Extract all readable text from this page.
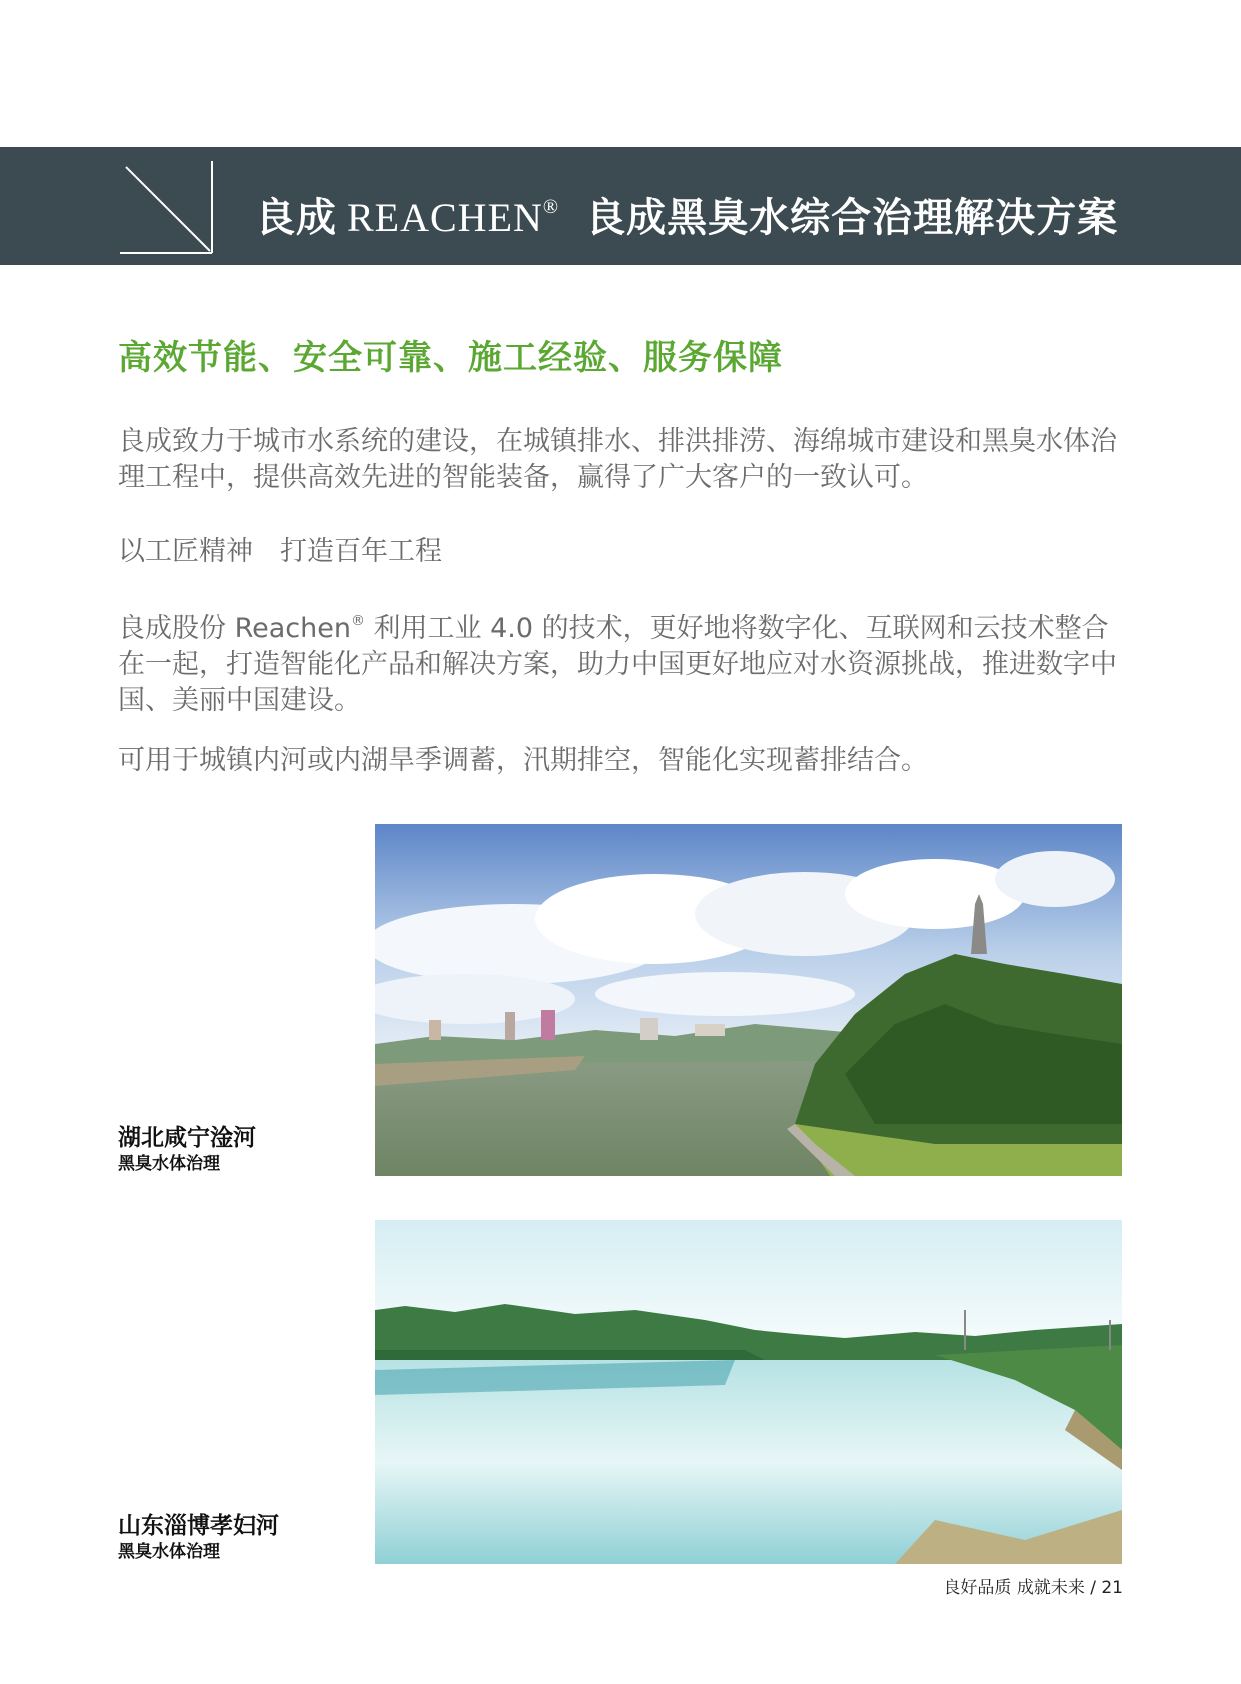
良成 REACHEN® 良成黑臭水综合治理解决方案
高效节能、安全可靠、施工经验、服务保障

良成致力于城市水系统的建设，在城镇排水、排洪排涝、海绵城市建设和黑臭水体治理工程中，提供高效先进的智能装备，赢得了广大客户的一致认可。

以工匠精神　打造百年工程

良成股份 Reachen® 利用工业 4.0 的技术，更好地将数字化、互联网和云技术整合在一起，打造智能化产品和解决方案，助力中国更好地应对水资源挑战，推进数字中国、美丽中国建设。

可用于城镇内河或内湖旱季调蓄，汛期排空，智能化实现蓄排结合。

湖北咸宁淦河
黑臭水体治理
山东淄博孝妇河
黑臭水体治理
良好品质 成就未来 / 21
